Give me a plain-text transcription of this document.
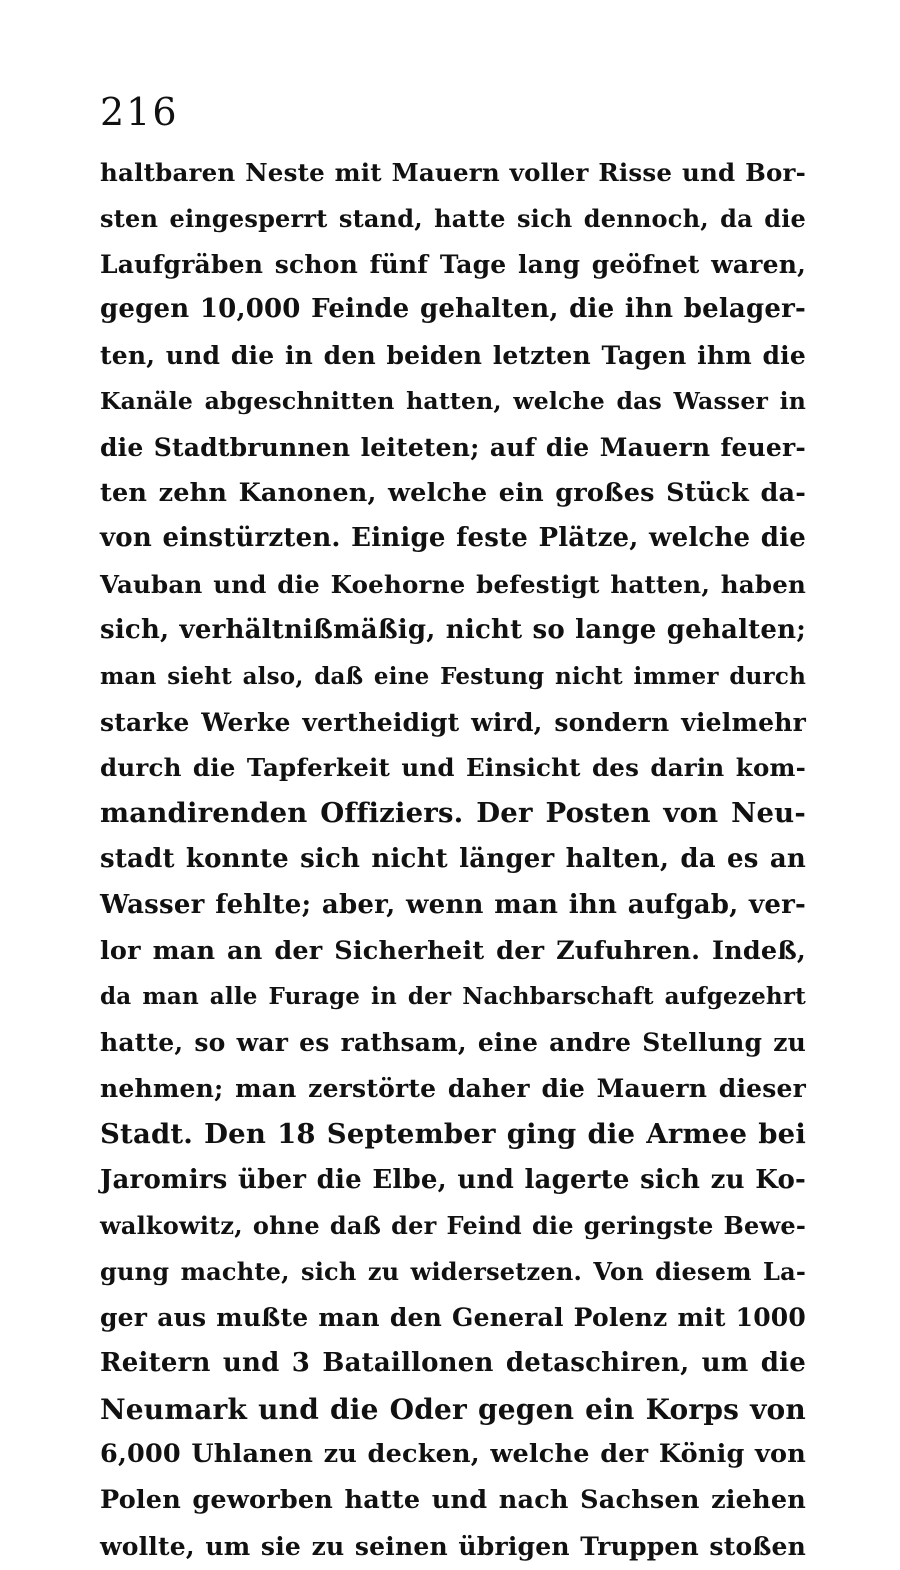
216
haltbaren Neste mit Mauern voller Risse und Bor-
sten eingesperrt stand, hatte sich dennoch, da die
Laufgräben schon fünf Tage lang geöfnet waren,
gegen 10,000 Feinde gehalten, die ihn belager-
ten, und die in den beiden letzten Tagen ihm die
Kanäle abgeschnitten hatten, welche das Wasser in
die Stadtbrunnen leiteten; auf die Mauern feuer-
ten zehn Kanonen, welche ein großes Stück da-
von einstürzten. Einige feste Plätze, welche die
Vauban und die Koehorne befestigt hatten, haben
sich, verhältnißmäßig, nicht so lange gehalten;
man sieht also, daß eine Festung nicht immer durch
starke Werke vertheidigt wird, sondern vielmehr
durch die Tapferkeit und Einsicht des darin kom-
mandirenden Offiziers. Der Posten von Neu-
stadt konnte sich nicht länger halten, da es an
Wasser fehlte; aber, wenn man ihn aufgab, ver-
lor man an der Sicherheit der Zufuhren. Indeß,
da man alle Furage in der Nachbarschaft aufgezehrt
hatte, so war es rathsam, eine andre Stellung zu
nehmen; man zerstörte daher die Mauern dieser
Stadt. Den 18 September ging die Armee bei
Jaromirs über die Elbe, und lagerte sich zu Ko-
walkowitz, ohne daß der Feind die geringste Bewe-
gung machte, sich zu widersetzen. Von diesem La-
ger aus mußte man den General Polenz mit 1000
Reitern und 3 Bataillonen detaschiren, um die
Neumark und die Oder gegen ein Korps von
6,000 Uhlanen zu decken, welche der König von
Polen geworben hatte und nach Sachsen ziehen
wollte, um sie zu seinen übrigen Truppen stoßen
